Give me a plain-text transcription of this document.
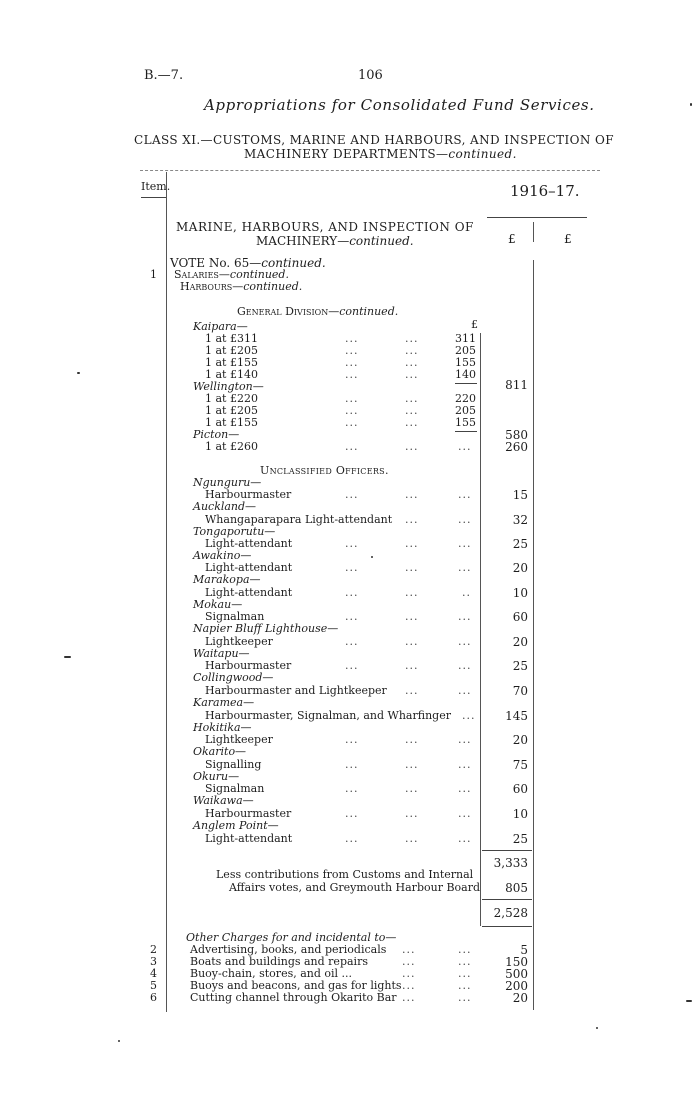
B.—7.	106
Appropriations for Consolidated Fund Services.
CLASS XI.—CUSTOMS, MARINE AND HARBOURS, AND INSPECTION OF
MACHINERY DEPARTMENTS—continued.
Item.	1916–17.
£	£
MARINE, HARBOURS, AND INSPECTION OF
MACHINERY—continued.
VOTE No. 65—continued.
1 Salaries—continued.
Harbours—continued.
General Division—continued.
£
Kaipara—
1 at £311	...	...	311
1 at £205	...	...	205
1 at £155	...	...	155
1 at £140	...	...	140
Wellington—	811
1 at £220	...	...	220
1 at £205	...	...	205
1 at £155	...	...	155
Picton—	580
1 at £260	...	...	...	260
Unclassified Officers.
Ngunguru—
Harbourmaster	...	...	...	15
Auckland—
Whangaparapara Light-attendant ...	...	32
Tongaporutu—
Light-attendant	...	...	...	25
Awakino—
Light-attendant	...	...	...	20
Marakopa—
Light-attendant	...	...	..	10
Mokau—
Signalman	...	...	...	60
Napier Bluff Lighthouse—
Lightkeeper	...	...	...	20
Waitapu—
Harbourmaster	...	...	...	25
Collingwood—
Harbourmaster and Lightkeeper ...	...	70
Karamea—
Harbourmaster, Signalman, and Wharfinger ...	145
Hokitika—
Lightkeeper	...	...	...	20
Okarito—
Signalling	...	...	...	75
Okuru—
Signalman	...	...	...	60
Waikawa—
Harbourmaster	...	...	...	10
Anglem Point—
Light-attendant	...	...	...	25
3,333
Less contributions from Customs and Internal
Affairs votes, and Greymouth Harbour Board	805
2,528
Other Charges for and incidental to—
2	Advertising, books, and periodicals ...	...	5
3	Boats and buildings and repairs	...	...	150
4	Buoy-chain, stores, and oil ...	...	...	500
5	Buoys and beacons, and gas for lights ...	...	200
6	Cutting channel through Okarito Bar ...	...	20
